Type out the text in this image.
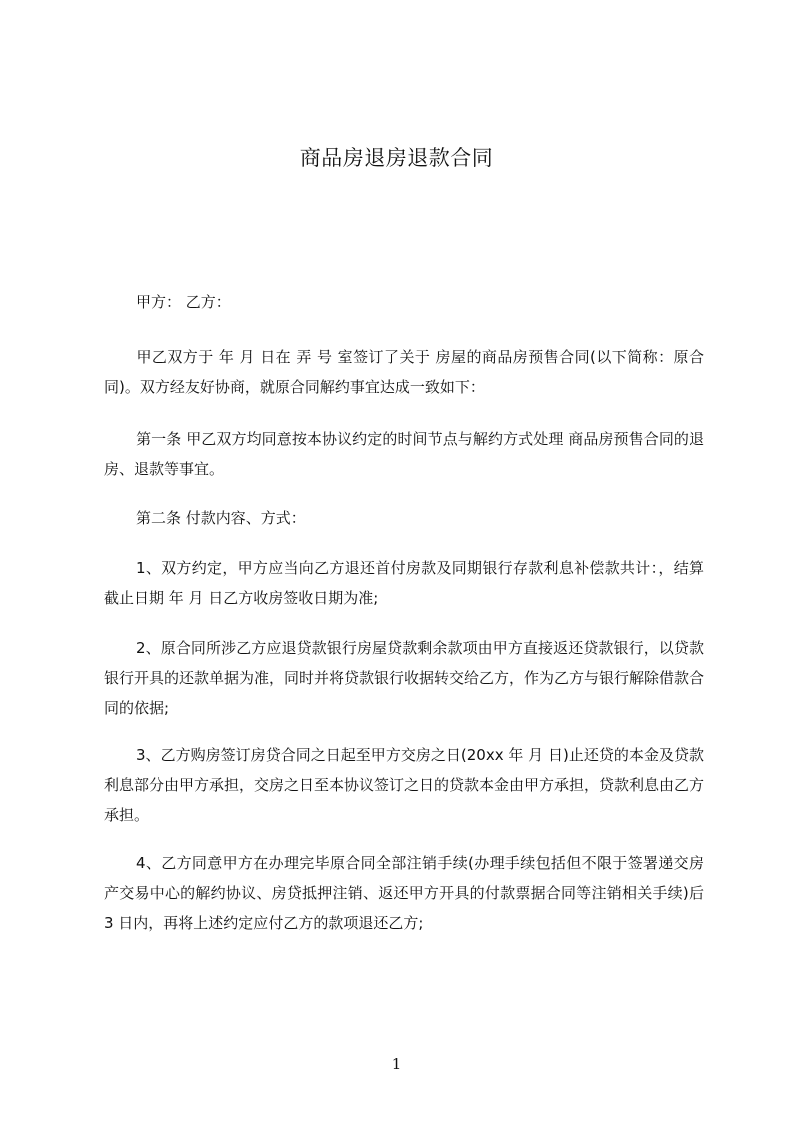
商品房退房退款合同
甲方： 乙方：
甲乙双方于 年 月 日在 弄 号 室签订了关于 房屋的商品房预售合同(以下简称：原合同)。双方经友好协商，就原合同解约事宜达成一致如下：
第一条 甲乙双方均同意按本协议约定的时间节点与解约方式处理 商品房预售合同的退房、退款等事宜。
第二条 付款内容、方式：
1、双方约定，甲方应当向乙方退还首付房款及同期银行存款利息补偿款共计：，结算截止日期 年 月 日乙方收房签收日期为准;
2、原合同所涉乙方应退贷款银行房屋贷款剩余款项由甲方直接返还贷款银行，以贷款银行开具的还款单据为准，同时并将贷款银行收据转交给乙方，作为乙方与银行解除借款合同的依据;
3、乙方购房签订房贷合同之日起至甲方交房之日(20xx 年 月 日)止还贷的本金及贷款利息部分由甲方承担，交房之日至本协议签订之日的贷款本金由甲方承担，贷款利息由乙方承担。
4、乙方同意甲方在办理完毕原合同全部注销手续(办理手续包括但不限于签署递交房产交易中心的解约协议、房贷抵押注销、返还甲方开具的付款票据合同等注销相关手续)后 3 日内，再将上述约定应付乙方的款项退还乙方;
1
